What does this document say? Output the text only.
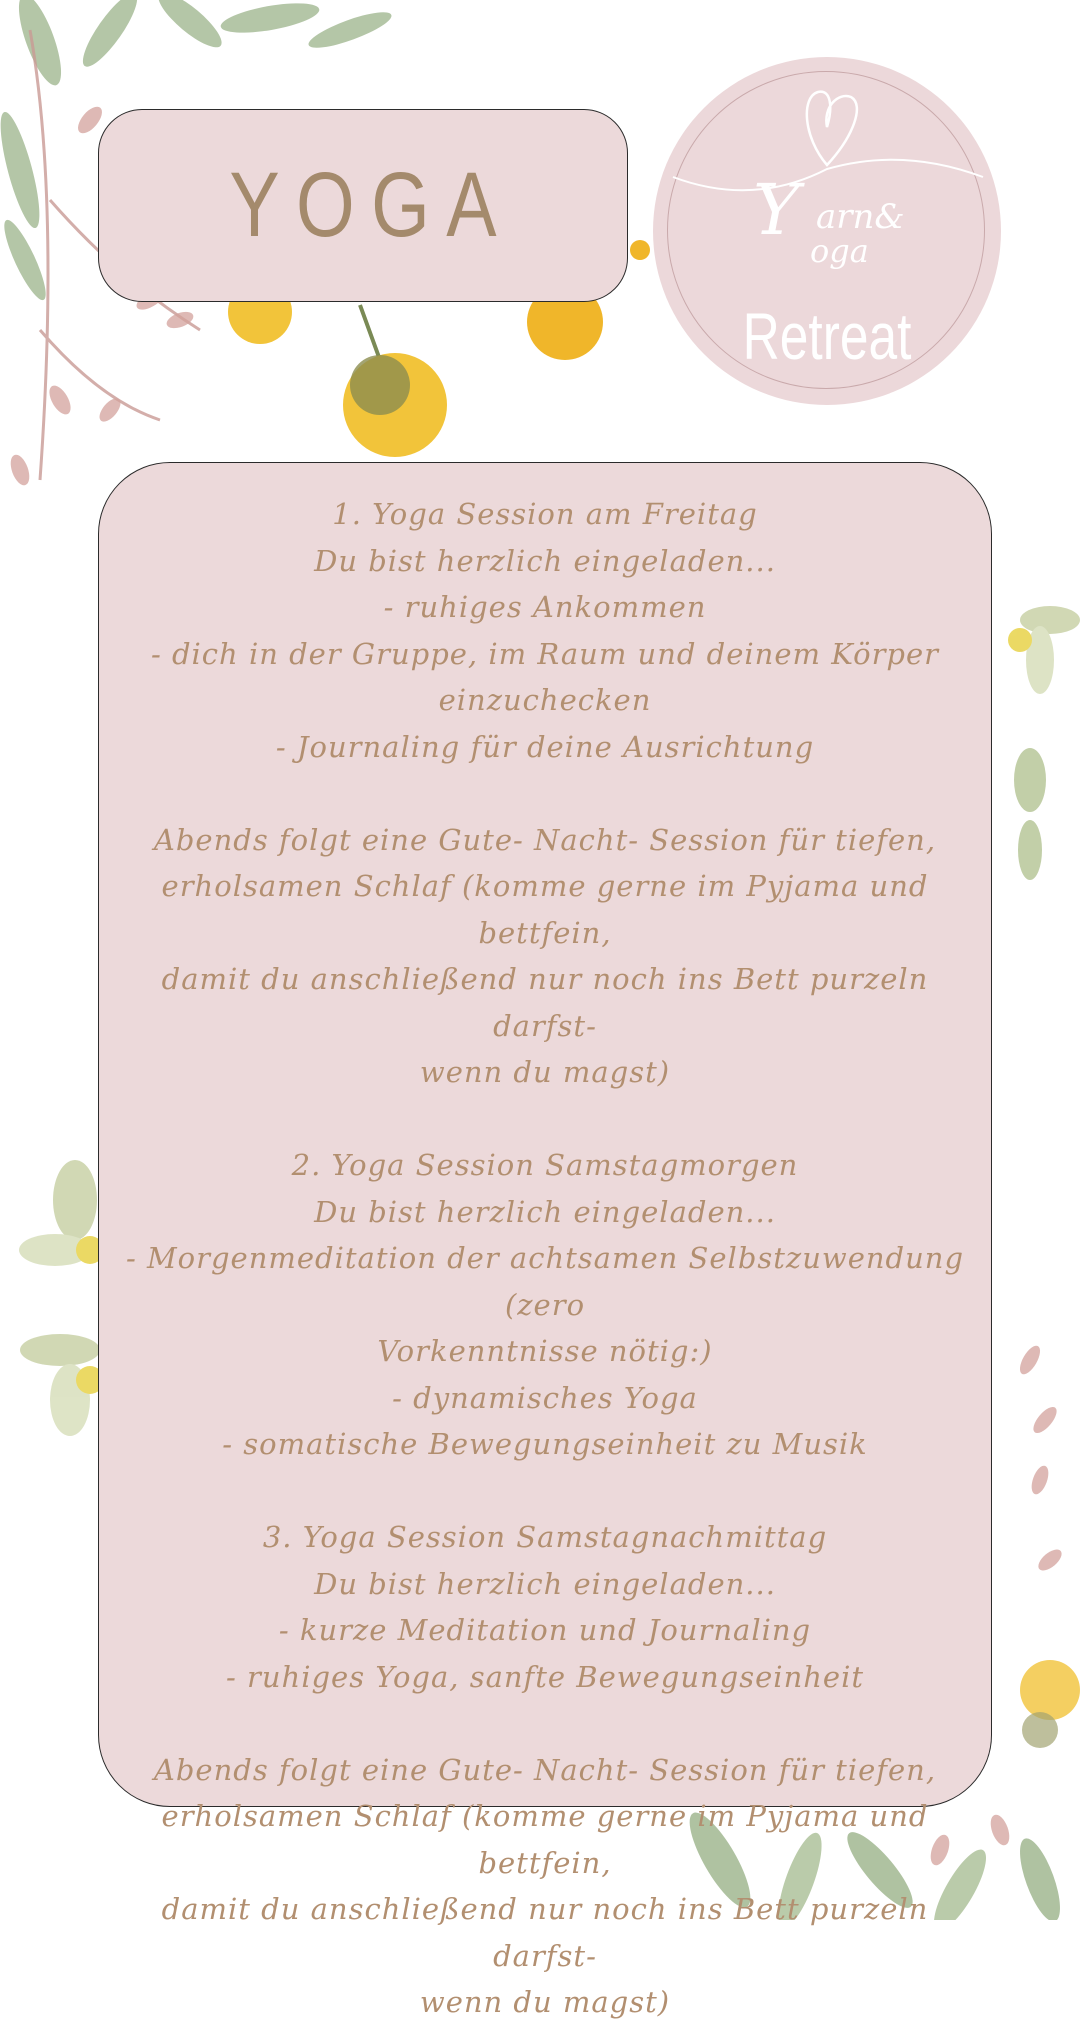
YOGA	Y arn&
oga
Retreat
1. Yoga Session am Freitag
Du bist herzlich eingeladen...
- ruhiges Ankommen
- dich in der Gruppe, im Raum und deinem Körper
einzuchecken
- Journaling für deine Ausrichtung
Abends folgt eine Gute- Nacht- Session für tiefen,
erholsamen Schlaf (komme gerne im Pyjama und bettfein,
damit du anschließend nur noch ins Bett purzeln darfst-
wenn du magst)
2. Yoga Session Samstagmorgen
Du bist herzlich eingeladen...
- Morgenmeditation der achtsamen Selbstzuwendung (zero
Vorkenntnisse nötig:)
- dynamisches Yoga
- somatische Bewegungseinheit zu Musik
3. Yoga Session Samstagnachmittag
Du bist herzlich eingeladen...
- kurze Meditation und Journaling
- ruhiges Yoga, sanfte Bewegungseinheit
Abends folgt eine Gute- Nacht- Session für tiefen,
erholsamen Schlaf (komme gerne im Pyjama und bettfein,
damit du anschließend nur noch ins Bett purzeln darfst-
wenn du magst)
